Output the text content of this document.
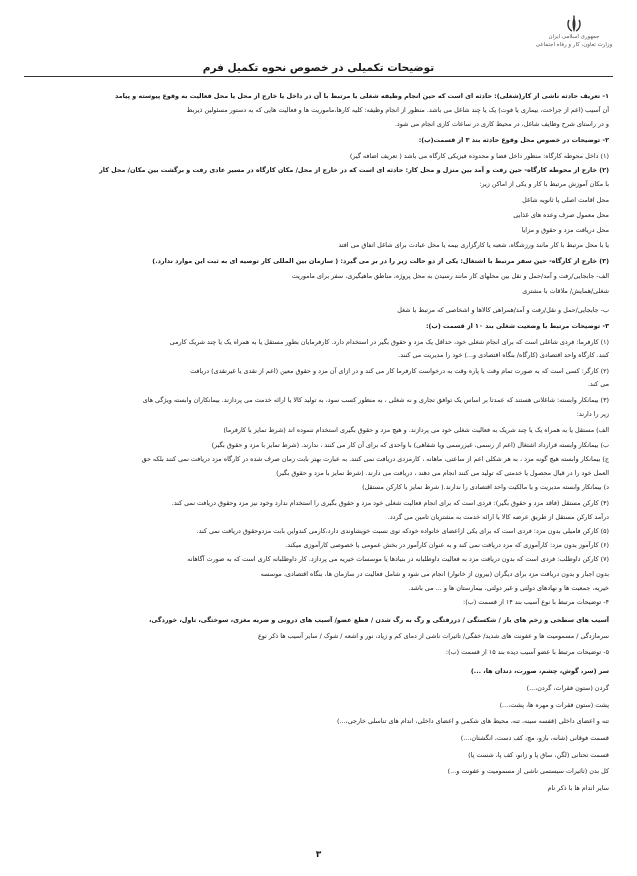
جمهوری اسلامی ایران
وزارت تعاون، کار و رفاه اجتماعی
توضیحات تکمیلی در خصوص نحوه تکمیل فرم
۱- تعریف حادثه ناشی از کار(شغلی): حادثه ای است که حین انجام وظیفه شغلی یا مرتبط با آن در داخل یا خارج از محل یا محل فعالیت به وقوع پیوسته و پیامد
آن آسیب (اعم از جراحت، بیماری یا فوت) یک یا چند شاغل می باشد. منظور از انجام وظیفه: کلیه کارها،ماموریت ها و فعالیت هایی که به دستور مسئولین ذیربط
و در راستای شرح وظایف شاغل، در محیط کاری در ساعات کاری انجام می شود.
۲- توضیحات در خصوص محل وقوع حادثه بند ۳ از قسمت(ب):
(۱) داخل محوطه کارگاه: منظور داخل فضا و محدوده فیزیکی کارگاه می باشد ( تعریف اضافه گیر)
(۲) خارج از محوطه کارگاه- حین رفت و آمد بین منزل و محل کار: حادثه ای است که در خارج از محل/ مکان کارگاه در مسیر عادی رفت و برگشت بین مکان/ محل کار
با مکان آموزش مرتبط با کار و یکی از اماکن زیر:
محل اقامت اصلی یا ثانویه شاغل
محل معمول صرف وعده های غذایی
محل دریافت مزد و حقوق و مزایا
یا با محل مرتبط با کار مانند ورزشگاه، شعبه یا کارگزاری بیمه یا محل عبادت برای شاغل اتفاق می افتد
(۳) خارج از کارگاه- حین سفر مرتبط با اشتغال: یکی از دو حالت زیر را در بر می گیرد: ( سازمان بین المللی کار توصیه ای به ثبت این موارد ندارد.)
الف- جابجایی/رفت و آمد/حمل و نقل بین محلهای کار مانند رسیدن به محل پروژه، مناطق ماهیگیری، سفر برای ماموریت
شغلی/همایش/ ملاقات با مشتری
ب- جابجایی/حمل و نقل/رفت و آمد/همراهی کالاها و اشخاصی که مرتبط با شغل
۳- توضیحات مرتبط با وضعیت شغلی بند ۱۰ از قسمت (ب):
(۱) کارفرما: فردی شاغلی است که برای انجام شغلی خود، حداقل یک مزد و حقوق بگیر در استخدام دارد. کارفرمایان بطور مستقل یا به همراه یک یا چند شریک کارمی
کنند. کارگاه واحد اقتصادی (کارگاه/ بنگاه اقتصادی و...) خود را مدیریت می کنند.
(۲) کارگر: کسی است که به صورت تمام وقت یا پاره وقت به درخواست کارفرما کار می کند و در ازای آن مزد و حقوق معین (اعم از نقدی یا غیرنقدی) دریافت
می کند.
(۳) بیمانکار وابسته: شاغلانی هستند که عمدتا بر اساس یک توافق تجاری و نه شغلی ، به منظور کسب سود، به تولید کالا یا ارائه خدمت می پردازند. بیمانکاران وابسته ویژگی های
زیر را دارند:
الف) مستقل یا به همراه یک یا چند شریک به فعالیت شغلی خود می پردازند. و هیچ مزد و حقوق بگیری استخدام ننموده اند (شرط تمایز با کارفرما)
ب) بیمانکار وابسته قرارداد اشتغال (اعم از رسمی، غیررسمی ویا شفاهی) با واحدی که برای آن کار می کنند ، ندارند. (شرط تمایز با مزد و حقوق بگیر)
ج) بیمانکار وابسته هیچ گونه مزد ، به هر شکلی اعم از ساعتی، ماهانه ، کارمزدی دریافت نمی کنند. به عبارت بهتر بابت زمان صرف شده در کارگاه مزد دریافت نمی کنند بلکه حق
العمل خود را در قبال محصول یا خدمتی که تولید می کنند انجام می دهند ، دریافت می دارند. (شرط تمایز با مزد و حقوق بگیر)
د) بیمانکار وابسته مدیریت و یا مالکیت واحد اقتصادی را ندارند.( شرط تمایز با کارکن مستقل)
(۴) کارکن مستقل (فاقد مزد و حقوق بگیر): فردی است که برای انجام فعالیت شغلی خود مزد و حقوق بگیری را استخدام ندارد وخود نیز مزد وحقوق دریافت نمی کند.
درآمد کارکن مستقل از طریق عرضه کالا یا ارائه خدمت به مشتریان تامین می گردد.
(۵) کارکن فامیلی بدون مزد: فردی است که برای یکی ازاعضای خانواده خودکه توی نسبت خویشاوندی دارد،کارمی کندواین بابت مزدوحقوق دریافت نمی کند.
(۶) کارآموز بدون مزد: کارآموزی که مزد دریافت نمی کند و به عنوان کارآموز در بخش عمومی یا خصوصی کارآموزی میکند.
(۷) کارکن داوطلب: فردی است که بدون دریافت مزد به فعالیت داوطلبانه در بنیادها یا موسسات خیریه می پردازد. کار داوطلبانه کاری است که به صورت آگاهانه
بدون اجبار و بدون دریافت مزد برای دیگران (بیرون از خانوار) انجام می شود و شامل فعالیت در سازمان ها، بنگاه اقتصادی، موسسه
خیریه، جمعیت ها و نهادهای دولتی و غیر دولتی، بیمارستان ها و ... می باشد.
۴- توضیحات مرتبط با نوع آسیب بند ۱۴ از قسمت (ب):
آسیب های سطحی و زخم های باز / شکستگی / دررفتگی و رگ به رگ شدن / قطع عضو/ آسیب های درونی و ضربه مغزی، سوختگی، تاول، خوردگی،
سرمازدگی / مسمومیت ها و عفونت های شدید/ خفگی/ تاثیرات ناشی از دمای کم و زیاد، نور و اشعه / شوک / سایر آسیب ها ذکر نوع
۵- توضیحات مرتبط با عضو آسیب دیده بند ۱۵ از قسمت (ب):
سر (سر، گوش، چشم، صورت، دندان ها، ...)
گردن (ستون فقرات، گردن،...)
پشت (ستون فقرات و مهره ها، پشت،...)
تنه و اعضای داخلی (قفسه سینه، تنه، محیط های شکمی و اعضای داخلی، اندام های تناسلی خارجی،...)
قسمت فوقانی (شانه، بازو، مچ، کف دست، انگشتان،...)
قسمت تحتانی (لگن، ساق پا و زانو، کف پا، شست پا)
کل بدن (تاثیرات سیستمی ناشی از مسمومیت و عفونت و...)
سایر اندام ها با ذکر نام
۳
